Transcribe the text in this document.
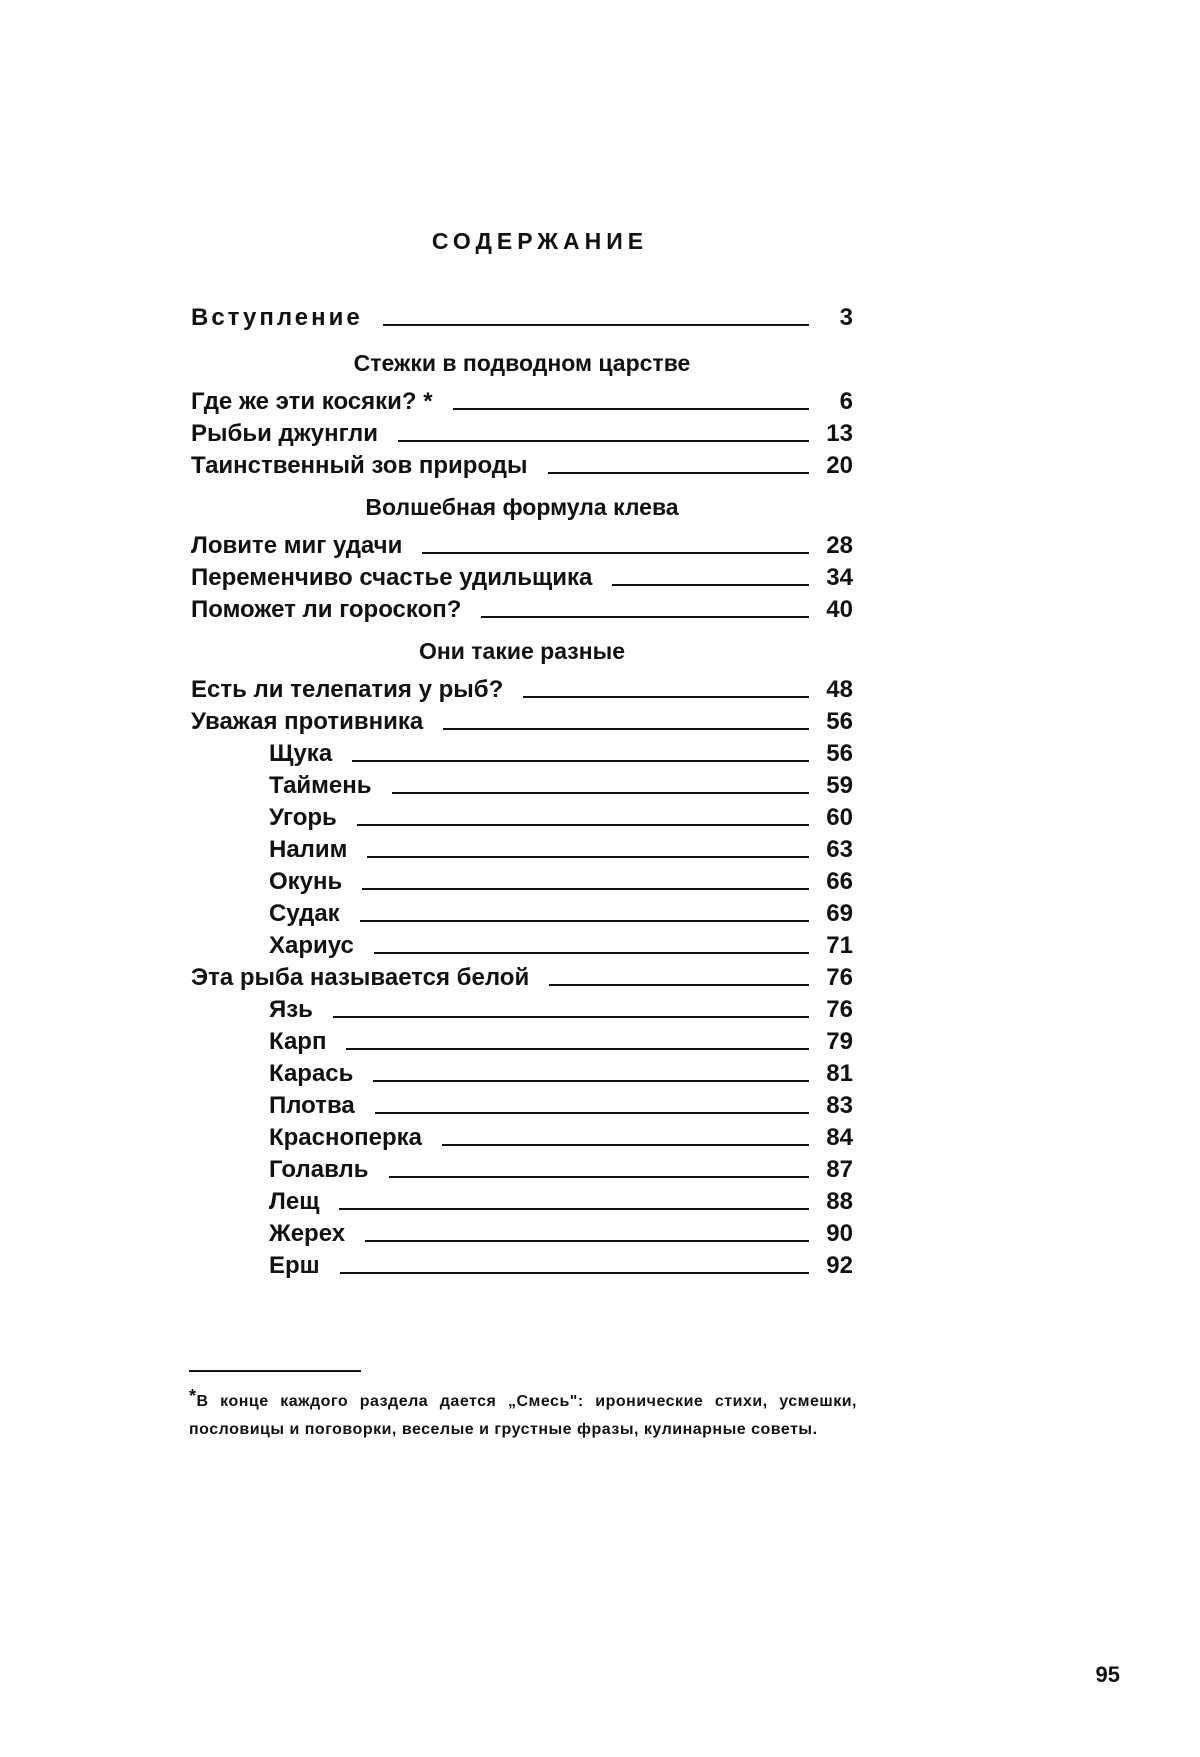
СОДЕРЖАНИЕ
Вступление	3
Стежки в подводном царстве
Где же эти косяки? *	6
Рыбьи джунгли	13
Таинственный зов природы	20
Волшебная формула клева
Ловите миг удачи	28
Переменчиво счастье удильщика	34
Поможет ли гороскоп?	40
Они такие разные
Есть ли телепатия у рыб?	48
Уважая противника	56
Щука	56
Таймень	59
Угорь	60
Налим	63
Окунь	66
Судак	69
Хариус	71
Эта рыба называется белой	76
Язь	76
Карп	79
Карась	81
Плотва	83
Красноперка	84
Голавль	87
Лещ	88
Жерех	90
Ерш	92
*В конце каждого раздела дается „Смесь": иронические стихи, усмешки, пословицы и поговорки, веселые и грустные фразы, кулинарные советы.
95
